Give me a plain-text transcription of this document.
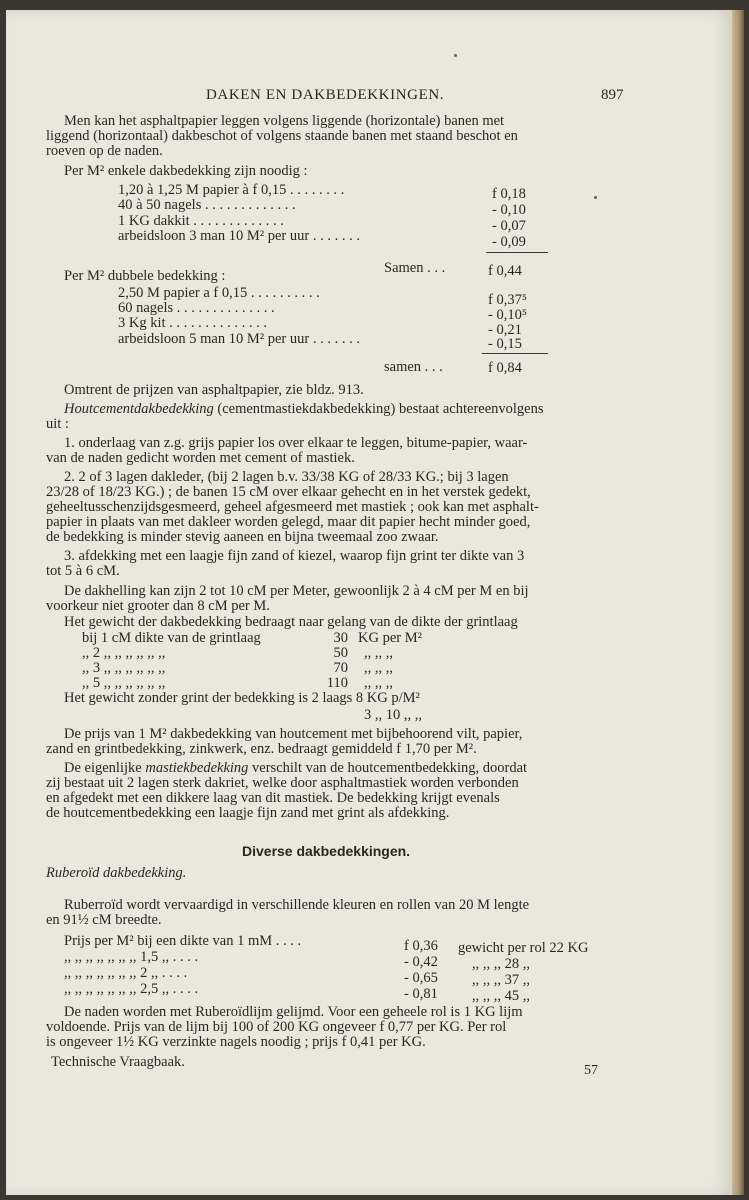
DAKEN EN DAKBEDEKKINGEN.	897
Men kan het asphaltpapier leggen volgens liggende (horizontale) banen met
liggend (horizontaal) dakbeschot of volgens staande banen met staand beschot en
roeven op de naden.
Per M² enkele dakbedekking zijn noodig :
1,20 à 1,25 M papier à f 0,15 . . . . . . . .	f 0,18
40 à 50 nagels . . . . . . . . . . . . .	- 0,10
1 KG dakkit . . . . . . . . . . . . .	- 0,07
arbeidsloon 3 man 10 M² per uur . . . . . . .	- 0,09
Samen . . .	f 0,44
Per M² dubbele bedekking :
2,50 M papier a f 0,15 . . . . . . . . . .	f 0,37⁵
60 nagels . . . . . . . . . . . . . .	- 0,10⁵
3 Kg kit . . . . . . . . . . . . . .	- 0,21
arbeidsloon 5 man 10 M² per uur . . . . . . .	- 0,15
samen . . .	f 0,84
Omtrent de prijzen van asphaltpapier, zie bldz. 913.
Houtcementdakbedekking (cementmastiekdakbedekking) bestaat achtereenvolgens
uit :
1. onderlaag van z.g. grijs papier los over elkaar te leggen, bitume-papier, waar-
van de naden gedicht worden met cement of mastiek.
2. 2 of 3 lagen dakleder, (bij 2 lagen b.v. 33/38 KG of 28/33 KG.; bij 3 lagen
23/28 of 18/23 KG.) ; de banen 15 cM over elkaar gehecht en in het verstek gedekt,
geheeltusschenzijdsgesmeerd, geheel afgesmeerd met mastiek ; ook kan met asphalt-
papier in plaats van met dakleer worden gelegd, maar dit papier hecht minder goed,
de bedekking is minder stevig aaneen en bijna tweemaal zoo zwaar.
3. afdekking met een laagje fijn zand of kiezel, waarop fijn grint ter dikte van 3
tot 5 à 6 cM.
De dakhelling kan zijn 2 tot 10 cM per Meter, gewoonlijk 2 à 4 cM per M en bij
voorkeur niet grooter dan 8 cM per M.
Het gewicht der dakbedekking bedraagt naar gelang van de dikte der grintlaag
bij 1 cM dikte van de grintlaag	30 KG per M²
,, 2 ,, ,, ,, ,, ,, ,,	50 ,, ,, ,,
,, 3 ,, ,, ,, ,, ,, ,,	70 ,, ,, ,,
,, 5 ,, ,, ,, ,, ,, ,,	110 ,, ,, ,,
Het gewicht zonder grint der bedekking is 2 laags 8 KG p/M²
3 ,, 10 ,, ,,
De prijs van 1 M² dakbedekking van houtcement met bijbehoorend vilt, papier,
zand en grintbedekking, zinkwerk, enz. bedraagt gemiddeld f 1,70 per M².
De eigenlijke mastiekbedekking verschilt van de houtcementbedekking, doordat
zij bestaat uit 2 lagen sterk dakriet, welke door asphaltmastiek worden verbonden
en afgedekt met een dikkere laag van dit mastiek. De bedekking krijgt evenals
de houtcementbedekking een laagje fijn zand met grint als afdekking.
Diverse dakbedekkingen.
Ruberoïd dakbedekking.
Ruberroïd wordt vervaardigd in verschillende kleuren en rollen van 20 M lengte
en 91½ cM breedte.
Prijs per M² bij een dikte van 1 mM . . . .	f 0,36 gewicht per rol 22 KG
,, ,, ,, ,, ,, ,, ,, 1,5 ,, . . . .	- 0,42 ,, ,, ,, 28 ,,
,, ,, ,, ,, ,, ,, ,, 2 ,, . . . .	- 0,65 ,, ,, ,, 37 ,,
,, ,, ,, ,, ,, ,, ,, 2,5 ,, . . . .	- 0,81 ,, ,, ,, 45 ,,
De naden worden met Ruberoïdlijm gelijmd. Voor een geheele rol is 1 KG lijm
voldoende. Prijs van de lijm bij 100 of 200 KG ongeveer f 0,77 per KG. Per rol
is ongeveer 1½ KG verzinkte nagels noodig ; prijs f 0,41 per KG.
Technische Vraagbaak.
57
